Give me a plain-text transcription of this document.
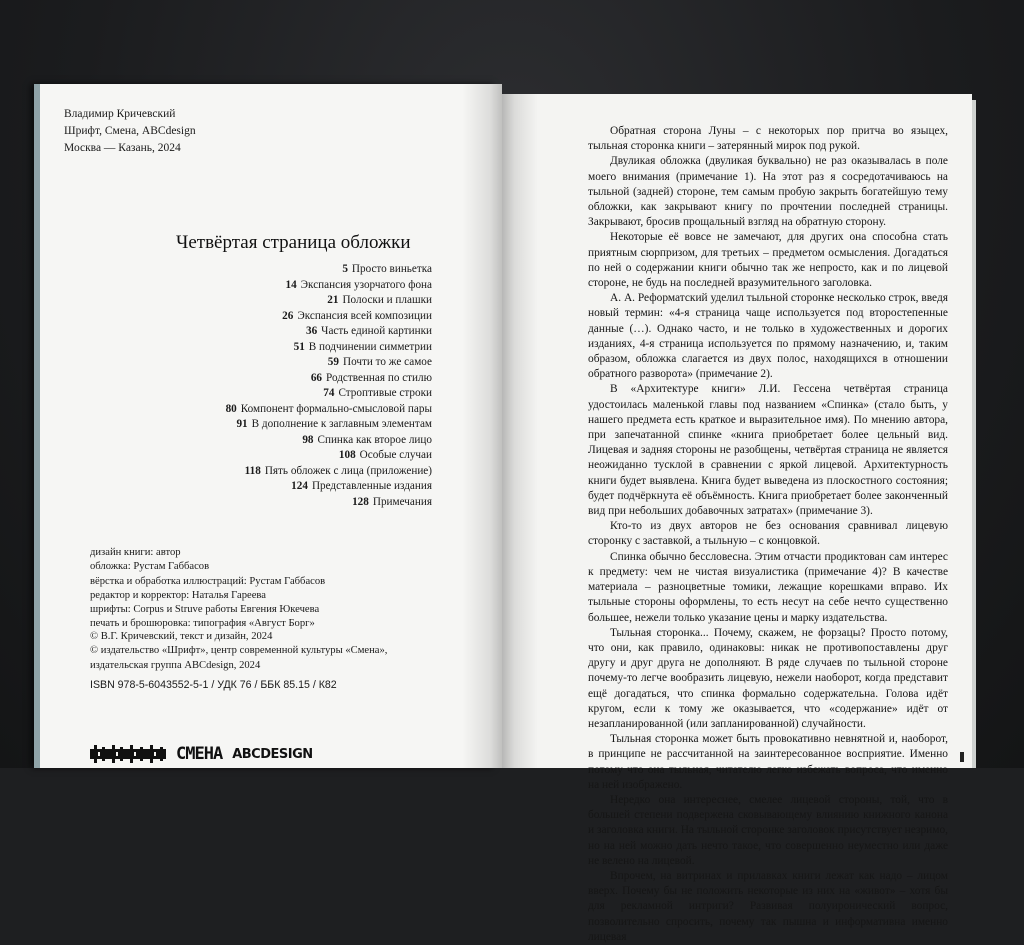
Владимир Кричевский
Шрифт, Смена, ABCdesign
Москва — Казань, 2024
Четвёртая страница обложки
5 Просто виньетка
14 Экспансия узорчатого фона
21 Полоски и плашки
26 Экспансия всей композиции
36 Часть единой картинки
51 В подчинении симметрии
59 Почти то же самое
66 Родственная по стилю
74 Строптивые строки
80 Компонент формально-смысловой пары
91 В дополнение к заглавным элементам
98 Спинка как второе лицо
108 Особые случаи
118 Пять обложек с лица (приложение)
124 Представленные издания
128 Примечания
дизайн книги: автор
обложка: Рустам Габбасов
вёрстка и обработка иллюстраций: Рустам Габбасов
редактор и корректор: Наталья Гареева
шрифты: Corpus и Struve работы Евгения Юкечева
печать и брошюровка: типография «Август Борг»
© В.Г. Кричевский, текст и дизайн, 2024
© издательство «Шрифт», центр современной культуры «Смена»,
издательская группа ABCdesign, 2024
ISBN 978-5-6043552-5-1 / УДК 76 / ББК 85.15 / К82
СМЕНА ABCDESIGN

Обратная сторона Луны – с некоторых пор притча во языцех, тыльная сторонка книги – затерянный мирок под рукой.

Двуликая обложка (двуликая буквально) не раз оказывалась в поле моего внимания (примечание 1). На этот раз я сосредотачиваюсь на тыльной (задней) стороне, тем самым пробую закрыть богатейшую тему обложки, как закрывают книгу по прочтении последней страницы. Закрывают, бросив прощальный взгляд на обратную сторону.

Некоторые её вовсе не замечают, для других она способна стать приятным сюрпризом, для третьих – предметом осмысления. Догадаться по ней о содержании книги обычно так же непросто, как и по лицевой стороне, не будь на последней вразумительного заголовка.

А. А. Реформатский уделил тыльной сторонке несколько строк, введя новый термин: «4-я страница чаще используется под второстепенные данные (…). Однако часто, и не только в художественных и дорогих изданиях, 4-я страница используется по прямому назначению, и, таким образом, обложка слагается из двух полос, находящихся в отношении обратного разворота» (примечание 2).

В «Архитектуре книги» Л.И. Гессена четвёртая страница удостоилась маленькой главы под названием «Спинка» (стало быть, у нашего предмета есть краткое и выразительное имя). По мнению автора, при запечатанной спинке «книга приобретает более цельный вид. Лицевая и задняя стороны не разобщены, четвёртая страница не является неожиданно тусклой в сравнении с яркой лицевой. Архитектурность книги будет выявлена. Книга будет выведена из плоскостного состояния; будет подчёркнута её объёмность. Книга приобретает более законченный вид при небольших добавочных затратах» (примечание 3).

Кто-то из двух авторов не без основания сравнивал лицевую сторонку с заставкой, а тыльную – с концовкой.

Спинка обычно бессловесна. Этим отчасти продиктован сам интерес к предмету: чем не чистая визуалистика (примечание 4)? В качестве материала – разноцветные томики, лежащие корешками вправо. Их тыльные стороны оформлены, то есть несут на себе нечто существенно большее, нежели только указание цены и марку издательства.

Тыльная сторонка... Почему, скажем, не форзацы? Просто потому, что они, как правило, одинаковы: никак не противопоставлены друг другу и друг друга не дополняют. В ряде случаев по тыльной стороне почему-то легче вообразить лицевую, нежели наоборот, когда представит ещё догадаться, что спинка формально содержательна. Голова идёт кругом, если к тому же оказывается, что «содержание» идёт от незапланированной (или запланированной) случайности.

Тыльная сторонка может быть провокативно невнятной и, наоборот, в принципе не рассчитанной на заинтересованное восприятие. Именно потому что она тыльная, читателю легко избежать вопроса, что именно на ней изображено.

Нередко она интереснее, смелее лицевой стороны, той, что в большей степени подвержена сковывающему влиянию книжного канона и заголовка книги. На тыльной сторонке заголовок присутствует незримо, но на ней можно дать нечто такое, что совершенно неуместно или даже не велено на лицевой.

Впрочем, на витринах и прилавках книги лежат как надо – лицом вверх. Почему бы не положить некоторые из них на «живот» – хотя бы для рекламной интриги? Развивая полуиронический вопрос, позволительно спросить, почему так пышна и информативна именно лицевая
